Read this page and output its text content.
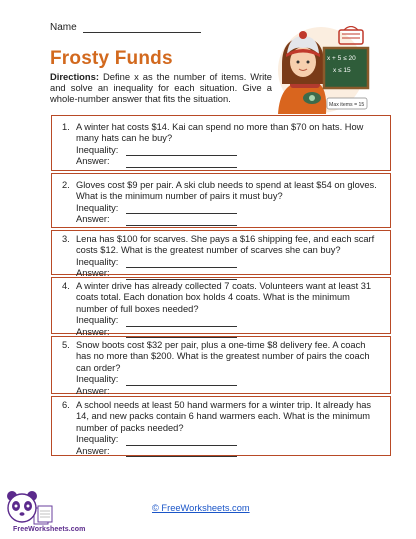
Name
Frosty Funds
Directions: Define x as the number of items. Write and solve an inequality for each situation. Give a whole-number answer that fits the situation.
x + 5 ≤ 20
x ≤ 15
Max items = 15
1. A winter hat costs $14. Kai can spend no more than $70 on hats. How many hats can he buy?
Inequality:
Answer:
2. Gloves cost $9 per pair. A ski club needs to spend at least $54 on gloves. What is the minimum number of pairs it must buy?
Inequality:
Answer:
3. Lena has $100 for scarves. She pays a $16 shipping fee, and each scarf costs $12. What is the greatest number of scarves she can buy?
Inequality:
Answer:
4. A winter drive has already collected 7 coats. Volunteers want at least 31 coats total. Each donation box holds 4 coats. What is the minimum number of full boxes needed?
Inequality:
Answer:
5. Snow boots cost $32 per pair, plus a one-time $8 delivery fee. A coach has no more than $200. What is the greatest number of pairs the coach can order?
Inequality:
Answer:
6. A school needs at least 50 hand warmers for a winter trip. It already has 14, and new packs contain 6 hand warmers each. What is the minimum number of packs needed?
Inequality:
Answer:
FreeWorksheets.com
© FreeWorksheets.com
